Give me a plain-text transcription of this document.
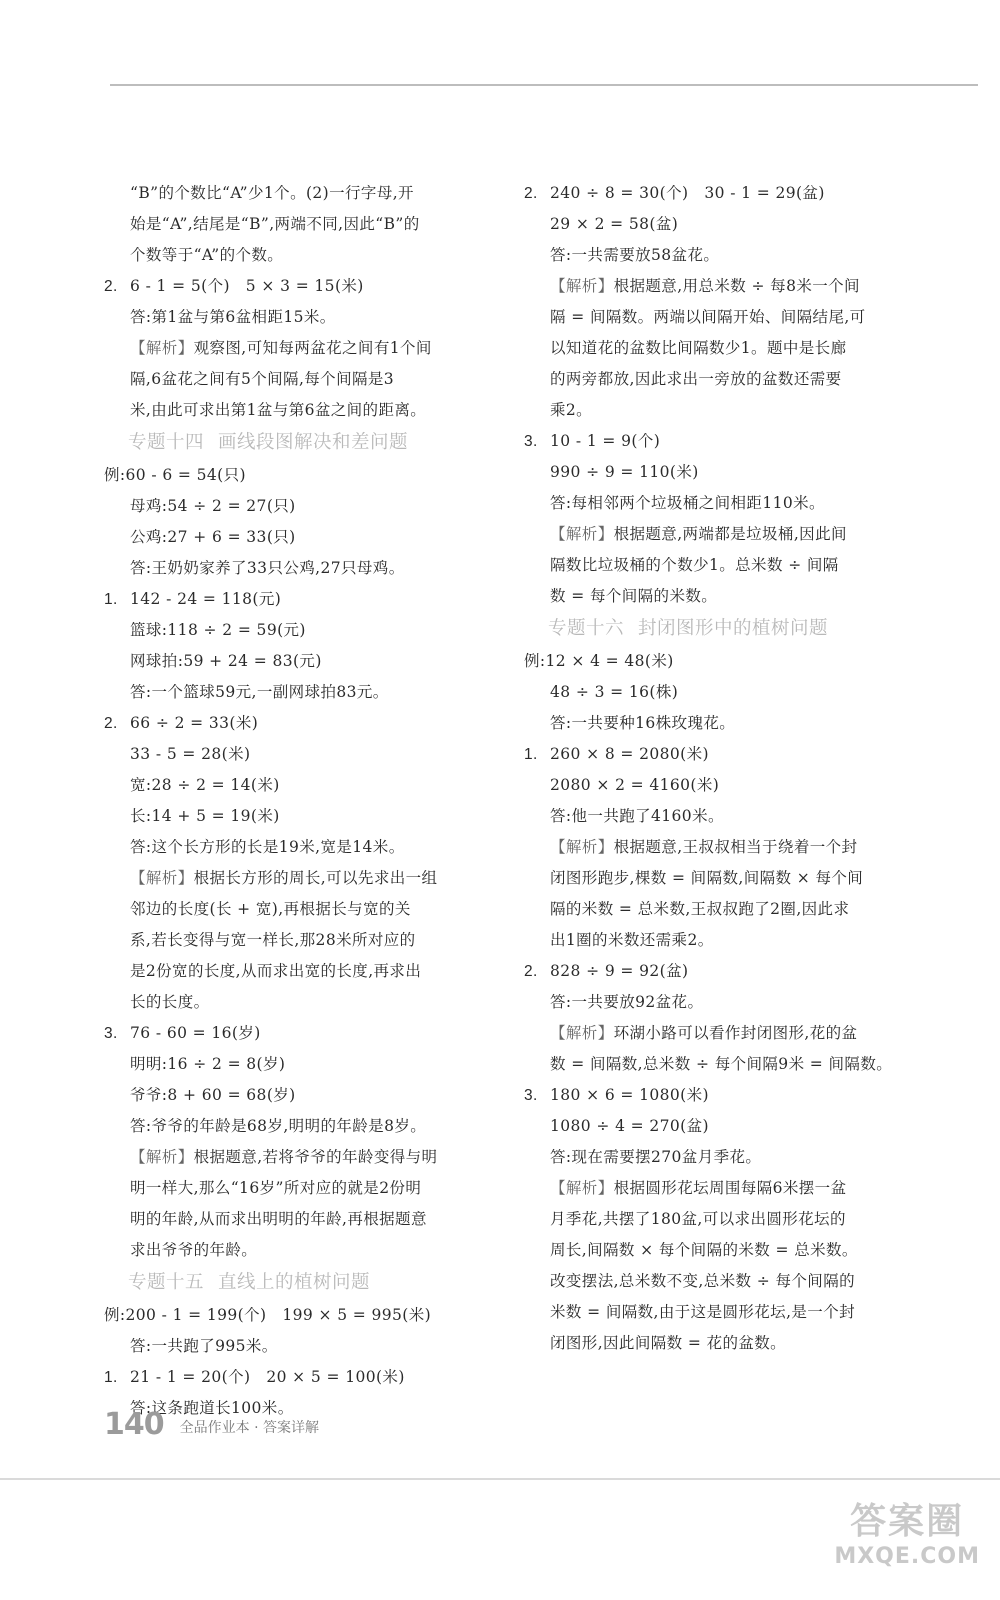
“B”的个数比“A”少1个。(2)一行字母,开
始是“A”,结尾是“B”,两端不同,因此“B”的
个数等于“A”的个数。
2. 6 - 1 = 5(个)　5 × 3 = 15(米)
答:第1盆与第6盆相距15米。
【解析】观察图,可知每两盆花之间有1个间
隔,6盆花之间有5个间隔,每个间隔是3
米,由此可求出第1盆与第6盆之间的距离。
专题十四 画线段图解决和差问题
例:60 - 6 = 54(只)
母鸡:54 ÷ 2 = 27(只)
公鸡:27 + 6 = 33(只)
答:王奶奶家养了33只公鸡,27只母鸡。
1. 142 - 24 = 118(元)
篮球:118 ÷ 2 = 59(元)
网球拍:59 + 24 = 83(元)
答:一个篮球59元,一副网球拍83元。
2. 66 ÷ 2 = 33(米)
33 - 5 = 28(米)
宽:28 ÷ 2 = 14(米)
长:14 + 5 = 19(米)
答:这个长方形的长是19米,宽是14米。
【解析】根据长方形的周长,可以先求出一组
邻边的长度(长 + 宽),再根据长与宽的关
系,若长变得与宽一样长,那28米所对应的
是2份宽的长度,从而求出宽的长度,再求出
长的长度。
3. 76 - 60 = 16(岁)
明明:16 ÷ 2 = 8(岁)
爷爷:8 + 60 = 68(岁)
答:爷爷的年龄是68岁,明明的年龄是8岁。
【解析】根据题意,若将爷爷的年龄变得与明
明一样大,那么“16岁”所对应的就是2份明
明的年龄,从而求出明明的年龄,再根据题意
求出爷爷的年龄。
专题十五 直线上的植树问题
例:200 - 1 = 199(个)　199 × 5 = 995(米)
答:一共跑了995米。
1. 21 - 1 = 20(个)　20 × 5 = 100(米)
答:这条跑道长100米。
2. 240 ÷ 8 = 30(个)　30 - 1 = 29(盆)
29 × 2 = 58(盆)
答:一共需要放58盆花。
【解析】根据题意,用总米数 ÷ 每8米一个间
隔 = 间隔数。两端以间隔开始、间隔结尾,可
以知道花的盆数比间隔数少1。题中是长廊
的两旁都放,因此求出一旁放的盆数还需要
乘2。
3. 10 - 1 = 9(个)
990 ÷ 9 = 110(米)
答:每相邻两个垃圾桶之间相距110米。
【解析】根据题意,两端都是垃圾桶,因此间
隔数比垃圾桶的个数少1。总米数 ÷ 间隔
数 = 每个间隔的米数。
专题十六 封闭图形中的植树问题
例:12 × 4 = 48(米)
48 ÷ 3 = 16(株)
答:一共要种16株玫瑰花。
1. 260 × 8 = 2080(米)
2080 × 2 = 4160(米)
答:他一共跑了4160米。
【解析】根据题意,王叔叔相当于绕着一个封
闭图形跑步,棵数 = 间隔数,间隔数 × 每个间
隔的米数 = 总米数,王叔叔跑了2圈,因此求
出1圈的米数还需乘2。
2. 828 ÷ 9 = 92(盆)
答:一共要放92盆花。
【解析】环湖小路可以看作封闭图形,花的盆
数 = 间隔数,总米数 ÷ 每个间隔9米 = 间隔数。
3. 180 × 6 = 1080(米)
1080 ÷ 4 = 270(盆)
答:现在需要摆270盆月季花。
【解析】根据圆形花坛周围每隔6米摆一盆
月季花,共摆了180盆,可以求出圆形花坛的
周长,间隔数 × 每个间隔的米数 = 总米数。
改变摆法,总米数不变,总米数 ÷ 每个间隔的
米数 = 间隔数,由于这是圆形花坛,是一个封
闭图形,因此间隔数 = 花的盆数。
140 全品作业本 · 答案详解
答案圈
MXQE.COM
